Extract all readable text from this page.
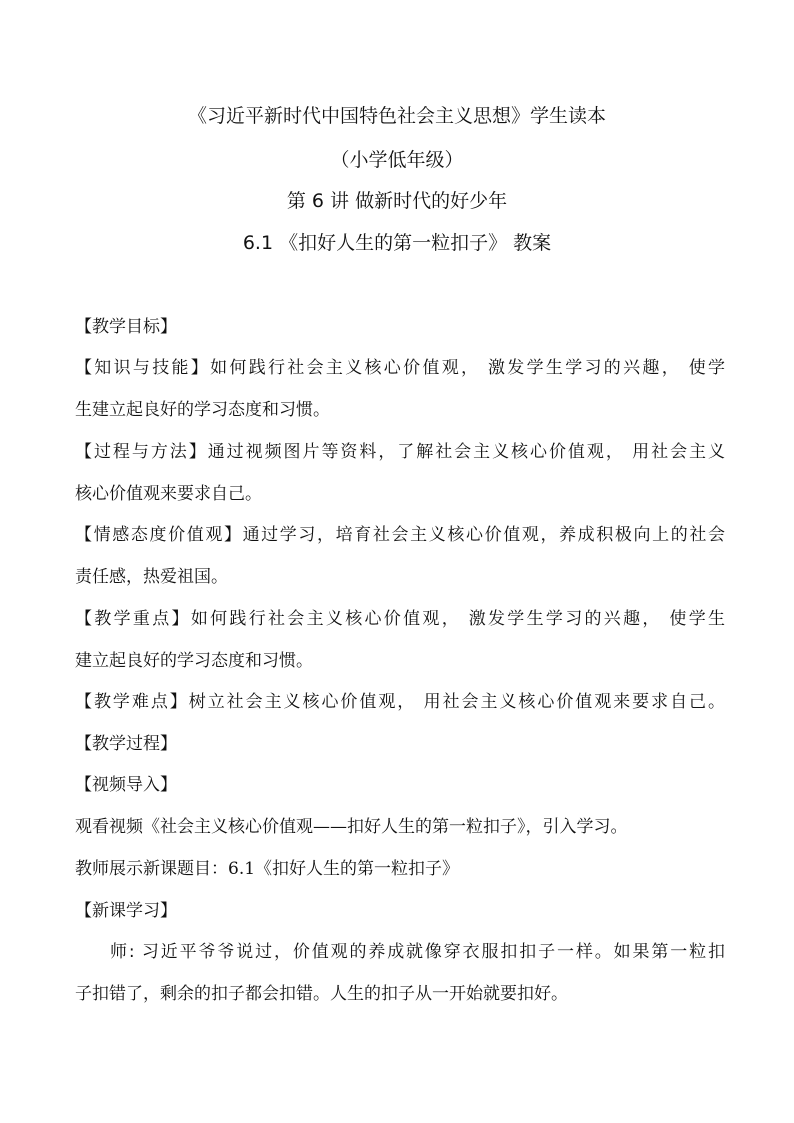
《习近平新时代中国特色社会主义思想》学生读本
（小学低年级）
第 6 讲 做新时代的好少年
6.1 《扣好人生的第一粒扣子》 教案
【教学目标】
【知识与技能】如何践行社会主义核心价值观， 激发学生学习的兴趣， 使学
生建立起良好的学习态度和习惯。
【过程与方法】通过视频图片等资料，了解社会主义核心价值观， 用社会主义
核心价值观来要求自己。
【情感态度价值观】通过学习，培育社会主义核心价值观，养成积极向上的社会
责任感，热爱祖国。
【教学重点】如何践行社会主义核心价值观， 激发学生学习的兴趣， 使学生
建立起良好的学习态度和习惯。
【教学难点】树立社会主义核心价值观， 用社会主义核心价值观来要求自己。
【教学过程】
【视频导入】
观看视频《社会主义核心价值观——扣好人生的第一粒扣子》，引入学习。
教师展示新课题目：6.1《扣好人生的第一粒扣子》
【新课学习】
师: 习近平爷爷说过，价值观的养成就像穿衣服扣扣子一样。如果第一粒扣
子扣错了，剩余的扣子都会扣错。人生的扣子从一开始就要扣好。
